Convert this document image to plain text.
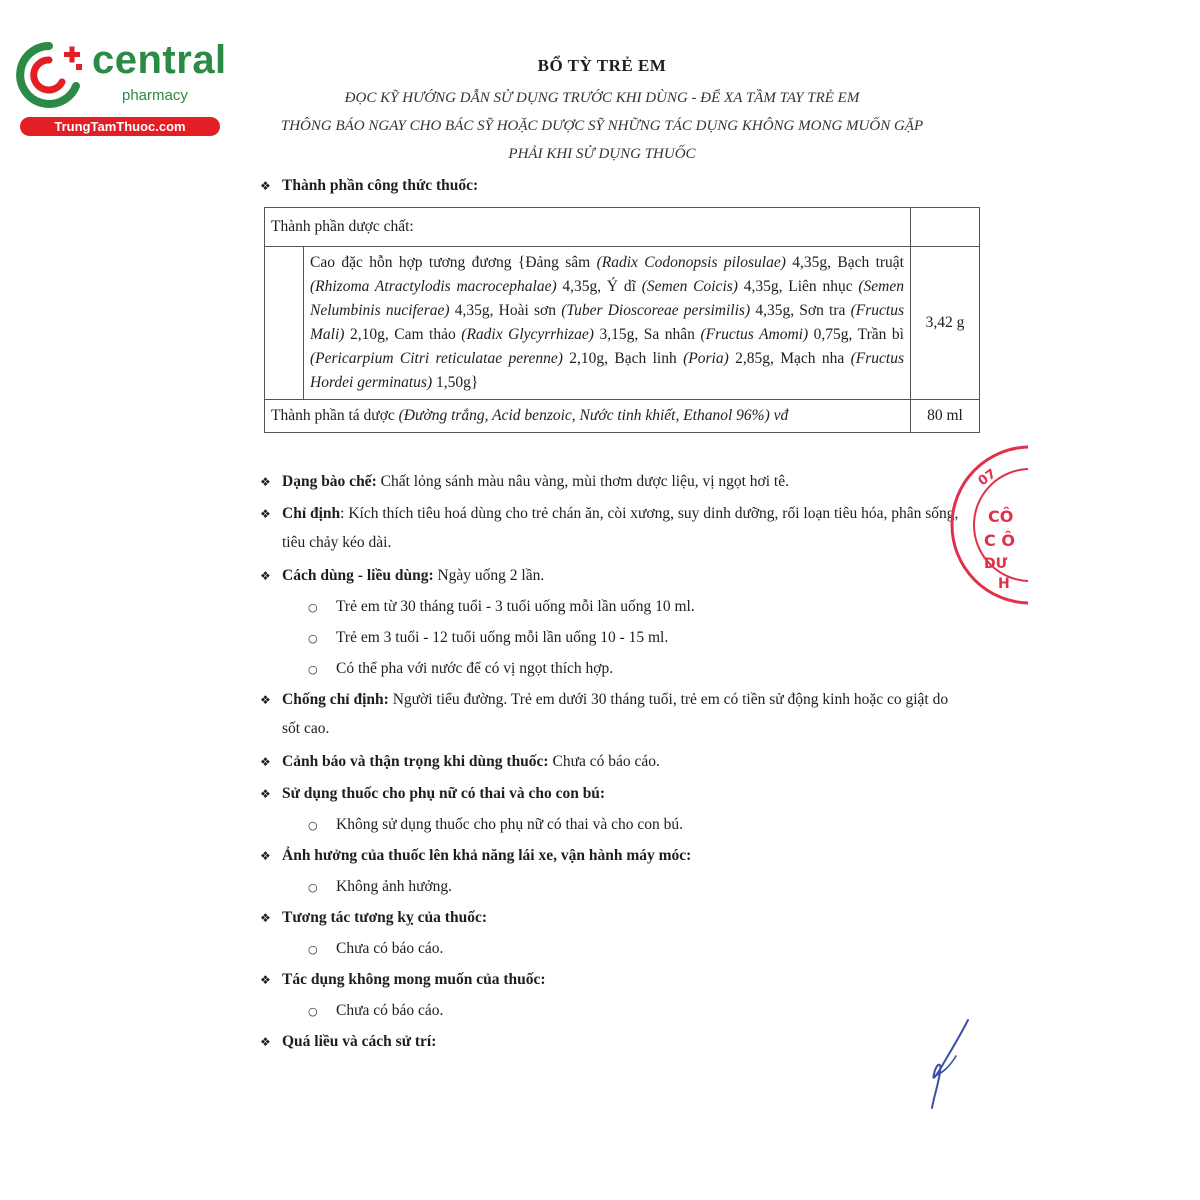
central
pharmacy
TrungTamThuoc.com
BỔ TỲ TRẺ EM
ĐỌC KỸ HƯỚNG DẪN SỬ DỤNG TRƯỚC KHI DÙNG - ĐỂ XA TẦM TAY TRẺ EM
THÔNG BÁO NGAY CHO BÁC SỸ HOẶC DƯỢC SỸ NHỮNG TÁC DỤNG KHÔNG MONG MUỐN GẶP
PHẢI KHI SỬ DỤNG THUỐC
❖ Thành phần công thức thuốc:
Thành phần dược chất:		
	Cao đặc hỗn hợp tương đương {Đảng sâm (Radix Codonopsis pilosulae) 4,35g, Bạch truật (Rhizoma Atractylodis macrocephalae) 4,35g, Ý dĩ (Semen Coicis) 4,35g, Liên nhục (Semen Nelumbinis nuciferae) 4,35g, Hoài sơn (Tuber Dioscoreae persimilis) 4,35g, Sơn tra (Fructus Mali) 2,10g, Cam thảo (Radix Glycyrrhizae) 3,15g, Sa nhân (Fructus Amomi) 0,75g, Trần bì (Pericarpium Citri reticulatae perenne) 2,10g, Bạch linh (Poria) 2,85g, Mạch nha (Fructus Hordei germinatus) 1,50g}	3,42 g
Thành phần tá dược (Đường trắng, Acid benzoic, Nước tinh khiết, Ethanol 96%) vđ		80 ml
❖ Dạng bào chế: Chất lỏng sánh màu nâu vàng, mùi thơm dược liệu, vị ngọt hơi tê.
❖ Chỉ định: Kích thích tiêu hoá dùng cho trẻ chán ăn, còi xương, suy dinh dưỡng, rối loạn tiêu hóa, phân sống, tiêu chảy kéo dài.
❖ Cách dùng - liều dùng: Ngày uống 2 lần.
○ Trẻ em từ 30 tháng tuổi - 3 tuổi uống mỗi lần uống 10 ml.
○ Trẻ em 3 tuổi - 12 tuổi uống mỗi lần uống 10 - 15 ml.
○ Có thể pha với nước để có vị ngọt thích hợp.
❖ Chống chỉ định: Người tiểu đường. Trẻ em dưới 30 tháng tuổi, trẻ em có tiền sử động kinh hoặc co giật do sốt cao.
❖ Cảnh báo và thận trọng khi dùng thuốc: Chưa có báo cáo.
❖ Sử dụng thuốc cho phụ nữ có thai và cho con bú:
○ Không sử dụng thuốc cho phụ nữ có thai và cho con bú.
❖ Ảnh hưởng của thuốc lên khả năng lái xe, vận hành máy móc:
○ Không ảnh hưởng.
❖ Tương tác tương kỵ của thuốc:
○ Chưa có báo cáo.
❖ Tác dụng không mong muốn của thuốc:
○ Chưa có báo cáo.
❖ Quá liều và cách sử trí:
07
CÔ
C Ô
DƯ
H
